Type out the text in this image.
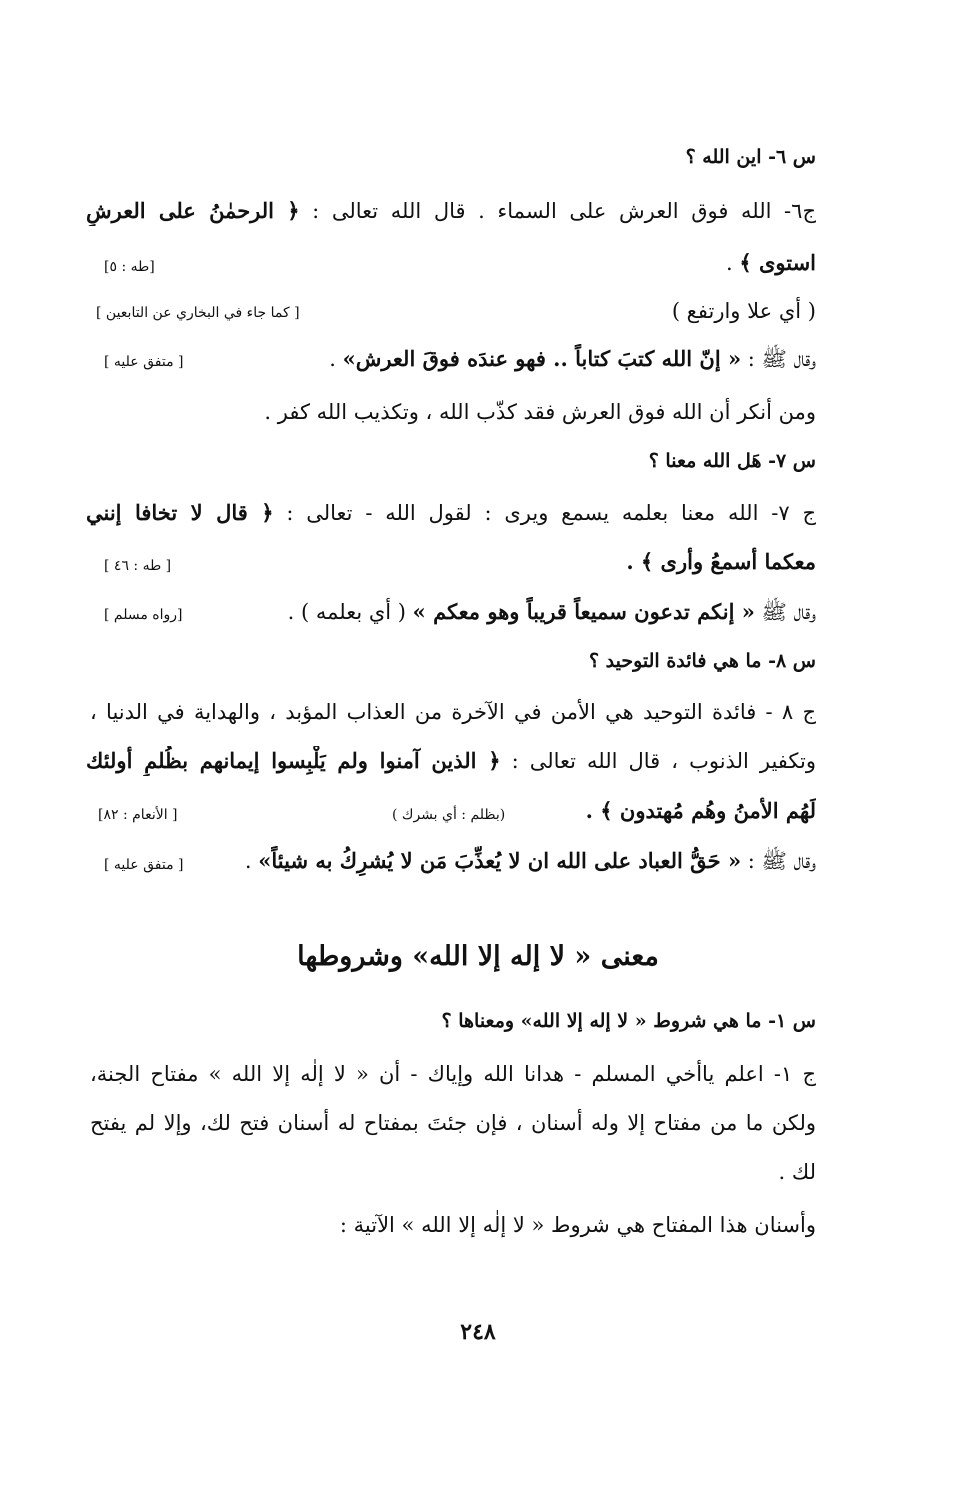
س ٦- اين الله ؟
ج٦- الله فوق العرش على السماء . قال الله تعالى : ﴿ الرحمٰنُ على العرشِ
استوى ﴾ .
[طه : ٥]
( أي علا وارتفع )
[ كما جاء في البخاري عن التابعين ]
وقال ﷺ : « إنّ الله كتبَ كتاباً .. فهو عندَه فوقَ العرش» .
[ متفق عليه ]
ومن أنكر أن الله فوق العرش فقد كذّب الله ، وتكذيب الله كفر .
س ٧- هَل الله معنا ؟
ج ٧- الله معنا بعلمه يسمع ويرى : لقول الله - تعالى : ﴿ قال لا تخافا إنني
معكما أسمعُ وأرى ﴾ .
[ طه : ٤٦ ]
وقال ﷺ « إنكم تدعون سميعاً قريباً وهو معكم » ( أي بعلمه ) .
[رواه مسلم ]
س ٨- ما هي فائدة التوحيد ؟
ج ٨ - فائدة التوحيد هي الأمن في الآخرة من العذاب المؤبد ، والهداية في الدنيا ،
وتكفير الذنوب ، قال الله تعالى : ﴿ الذين آمنوا ولم يَلْبِسوا إيمانهم بظُلمٍ أولئك
لَهُم الأمنُ وهُم مُهتدون ﴾ .
(بظلم : أي بشرك )
[ الأنعام : ٨٢]
وقال ﷺ : « حَقُّ العباد على الله ان لا يُعذِّبَ مَن لا يُشرِكُ به شيئاً» .
[ متفق عليه ]
معنى « لا إله إلا الله» وشروطها
س ١- ما هي شروط « لا إله إلا الله» ومعناها ؟
ج ١- اعلم ياأخي المسلم - هدانا الله وإياك - أن « لا إلٰه إلا الله » مفتاح الجنة،
ولكن ما من مفتاح إلا وله أسنان ، فإن جئتَ بمفتاح له أسنان فتح لك، وإلا لم يفتح
لك .
وأسنان هذا المفتاح هي شروط « لا إلٰه إلا الله » الآتية :
٢٤٨
